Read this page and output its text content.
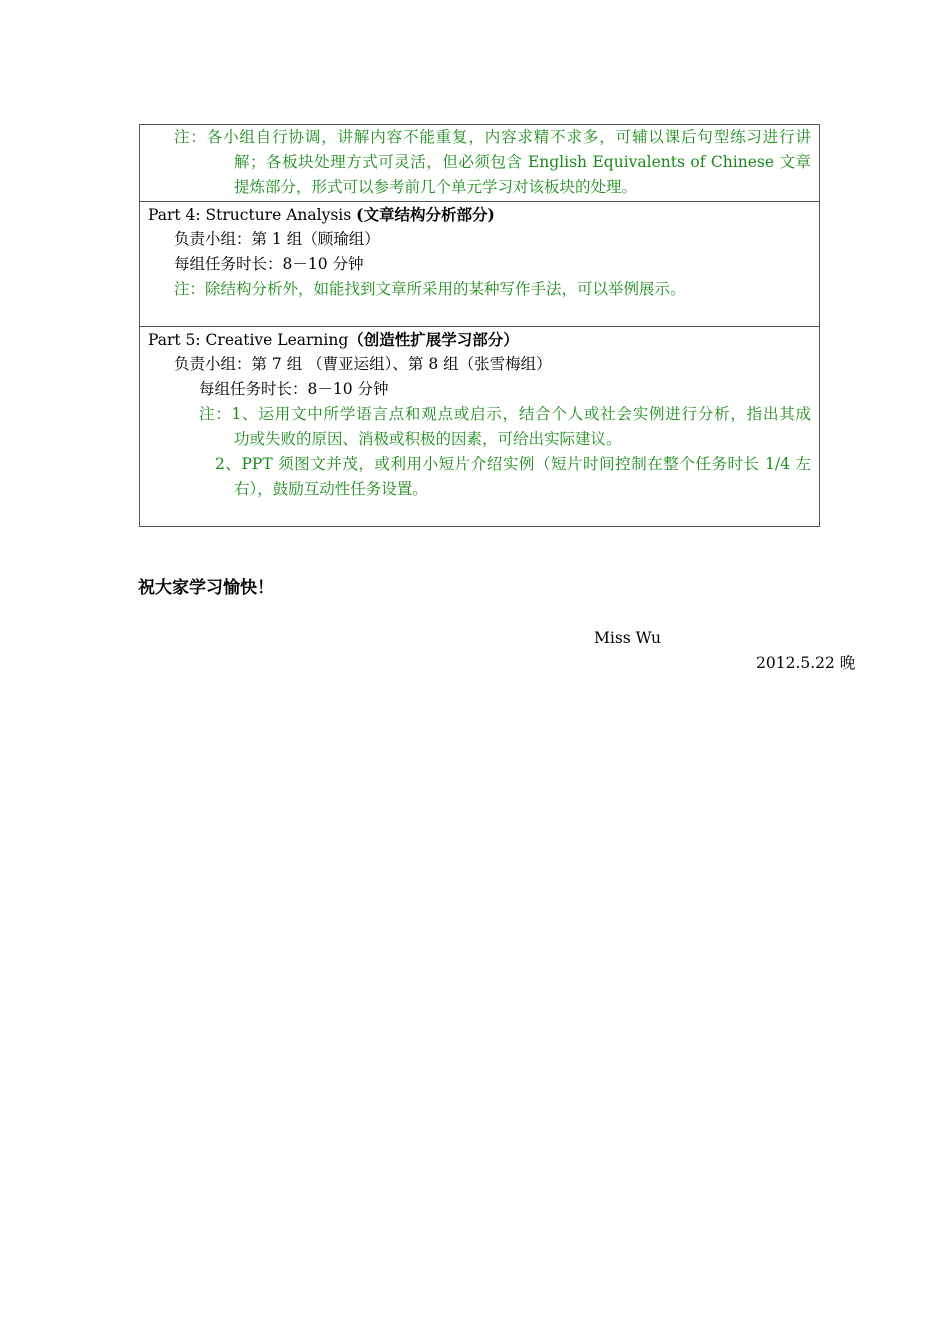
注：各小组自行协调，讲解内容不能重复，内容求精不求多，可辅以课后句型练习进行讲
解；各板块处理方式可灵活，但必须包含 English Equivalents of Chinese 文章
提炼部分，形式可以参考前几个单元学习对该板块的处理。
Part 4: Structure Analysis (文章结构分析部分)
负责小组：第 1 组（顾瑜组）
每组任务时长：8－10 分钟
注：除结构分析外，如能找到文章所采用的某种写作手法，可以举例展示。
Part 5: Creative Learning（创造性扩展学习部分）
负责小组：第 7 组 （曹亚运组）、第 8 组（张雪梅组）
每组任务时长：8－10 分钟
注：1、运用文中所学语言点和观点或启示，结合个人或社会实例进行分析，指出其成
功或失败的原因、消极或积极的因素，可给出实际建议。
2、PPT 须图文并茂，或利用小短片介绍实例（短片时间控制在整个任务时长 1/4 左
右），鼓励互动性任务设置。
祝大家学习愉快！
Miss Wu
2012.5.22 晚
